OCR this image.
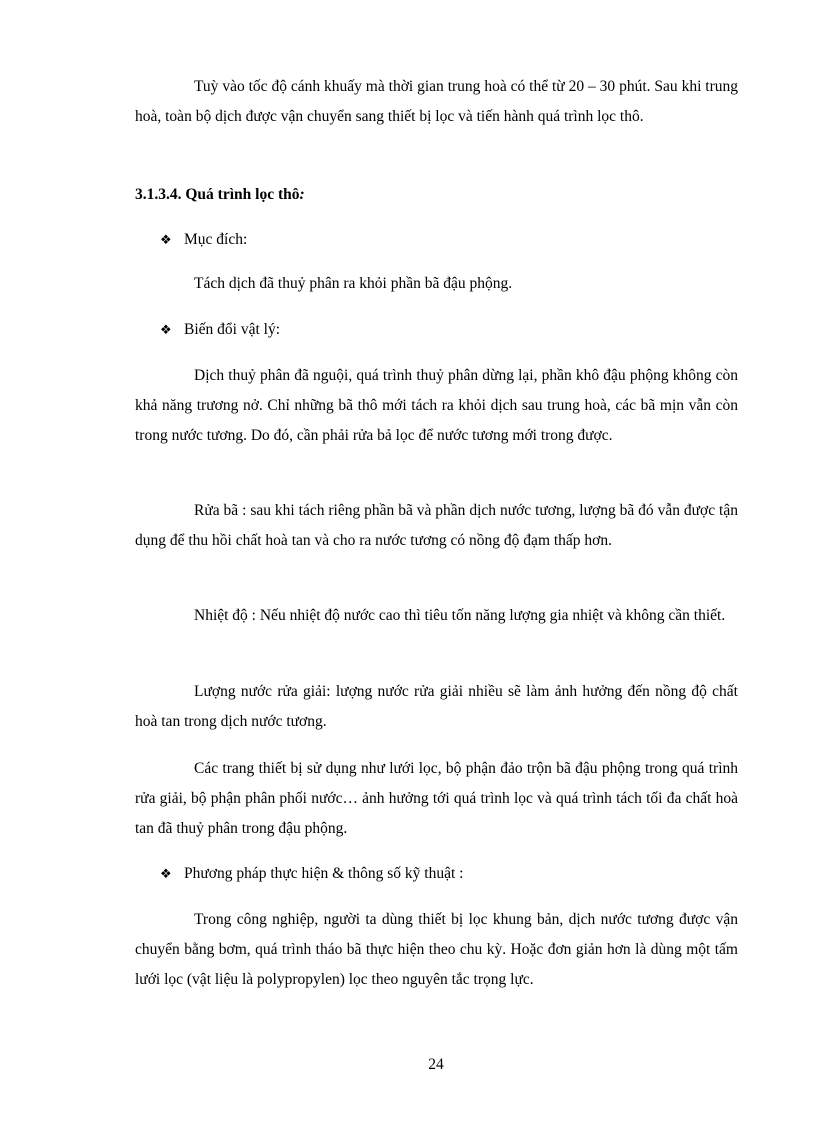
Tuỳ vào tốc độ cánh khuấy mà thời gian trung hoà có thể từ 20 – 30 phút. Sau khi trung hoà, toàn bộ dịch được vận chuyển sang thiết bị lọc và tiến hành quá trình lọc thô.

3.1.3.4. Quá trình lọc thô:
❖ Mục đích:

Tách dịch đã thuỷ phân ra khỏi phần bã đậu phộng.

❖ Biến đổi vật lý:

Dịch thuỷ phân đã nguội, quá trình thuỷ phân dừng lại, phần khô đậu phộng không còn khả năng trương nở. Chỉ những bã thô mới tách ra khỏi dịch sau trung hoà, các bã mịn vẫn còn trong nước tương. Do đó, cần phải rửa bả lọc để nước tương mới trong được.

Rửa bã : sau khi tách riêng phần bã và phần dịch nước tương, lượng bã đó vẫn được tận dụng để thu hồi chất hoà tan và cho ra nước tương có nồng độ đạm thấp hơn.

Nhiệt độ : Nếu nhiệt độ nước cao thì tiêu tốn năng lượng gia nhiệt và không cần thiết.

Lượng nước rửa giải: lượng nước rửa giải nhiều sẽ làm ảnh hưởng đến nồng độ chất hoà tan trong dịch nước tương.

Các trang thiết bị sử dụng như lưới lọc, bộ phận đảo trộn bã đậu phộng trong quá trình rửa giải, bộ phận phân phối nước… ảnh hưởng tới quá trình lọc và quá trình tách tối đa chất hoà tan đã thuỷ phân trong đậu phộng.

❖ Phương pháp thực hiện & thông số kỹ thuật :

Trong công nghiệp, người ta dùng thiết bị lọc khung bản, dịch nước tương được vận chuyển bằng bơm, quá trình tháo bã thực hiện theo chu kỳ. Hoặc đơn giản hơn là dùng một tấm lưới lọc (vật liệu là polypropylen) lọc theo nguyên tắc trọng lực.

24
